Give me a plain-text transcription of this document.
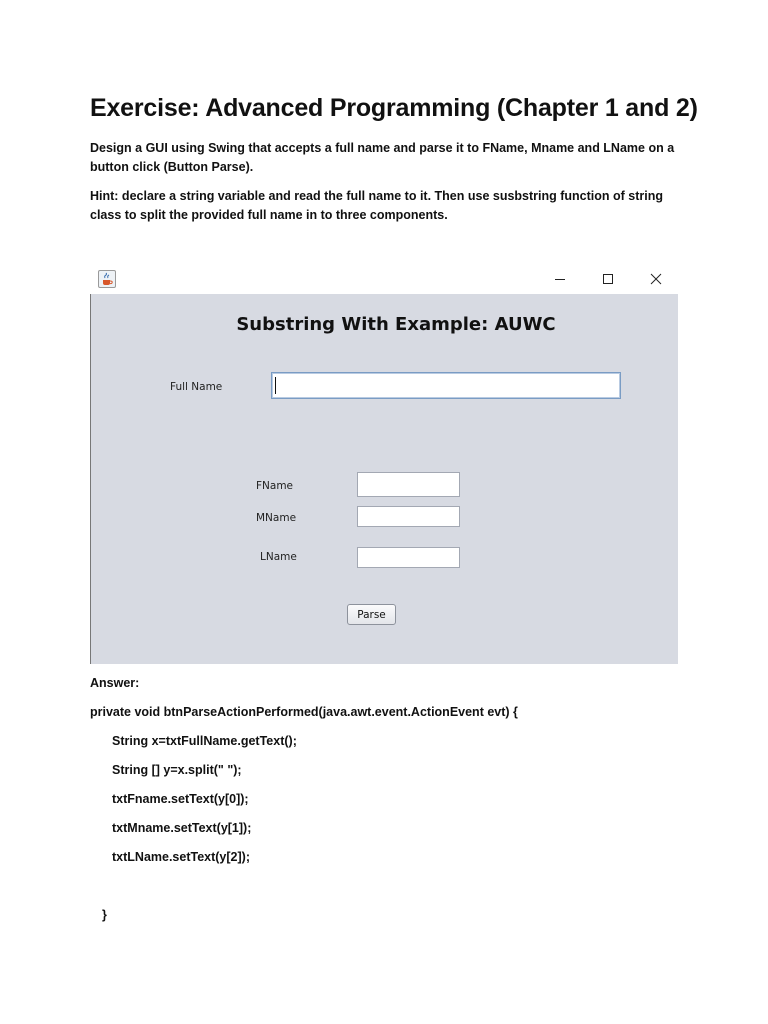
Exercise: Advanced Programming (Chapter 1 and 2)
Design a GUI using Swing that accepts a full name and parse it to FName, Mname and LName on a button click (Button Parse).
Hint: declare a string variable and read the full name to it. Then use susbstring function of string class to split the provided full name in to three components.
Substring With Example: AUWC
Full Name
FName
MName
LName
Parse
Answer:
private void btnParseActionPerformed(java.awt.event.ActionEvent evt) {
String x=txtFullName.getText();
String [] y=x.split(" ");
txtFname.setText(y[0]);
txtMname.setText(y[1]);
txtLName.setText(y[2]);
}
